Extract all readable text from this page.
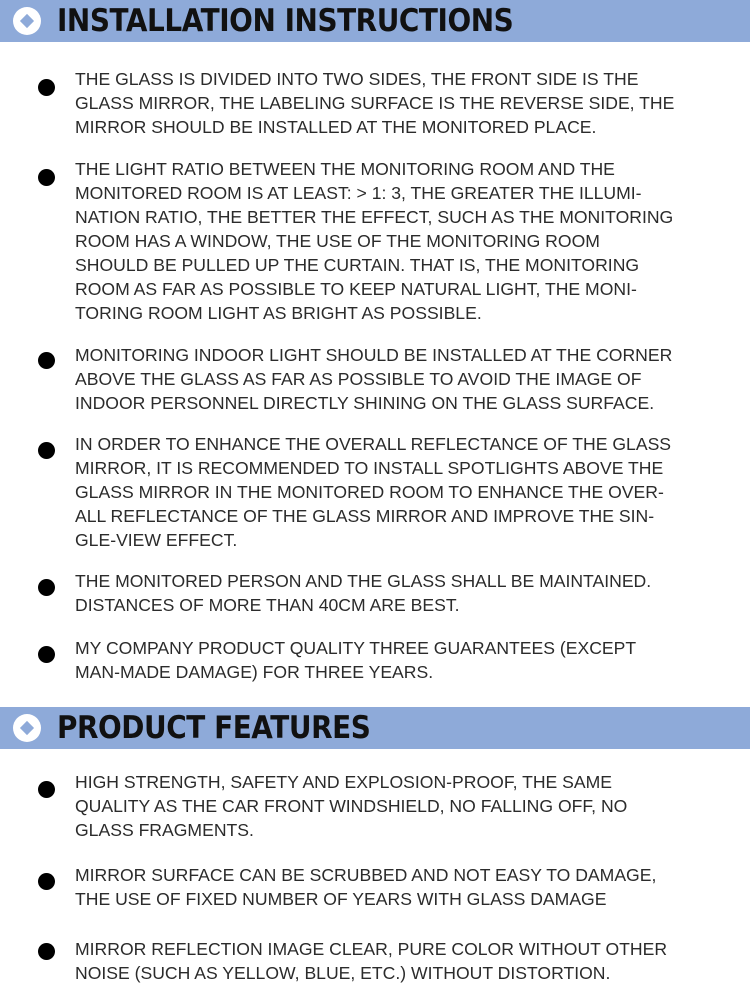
INSTALLATION INSTRUCTIONS
THE GLASS IS DIVIDED INTO TWO SIDES, THE FRONT SIDE IS THE
GLASS MIRROR, THE LABELING SURFACE IS THE REVERSE SIDE, THE
MIRROR SHOULD BE INSTALLED AT THE MONITORED PLACE.
THE LIGHT RATIO BETWEEN THE MONITORING ROOM AND THE
MONITORED ROOM IS AT LEAST: > 1: 3, THE GREATER THE ILLUMI-
NATION RATIO, THE BETTER THE EFFECT, SUCH AS THE MONITORING
ROOM HAS A WINDOW, THE USE OF THE MONITORING ROOM
SHOULD BE PULLED UP THE CURTAIN. THAT IS, THE MONITORING
ROOM AS FAR AS POSSIBLE TO KEEP NATURAL LIGHT, THE MONI-
TORING ROOM LIGHT AS BRIGHT AS POSSIBLE.
MONITORING INDOOR LIGHT SHOULD BE INSTALLED AT THE CORNER
ABOVE THE GLASS AS FAR AS POSSIBLE TO AVOID THE IMAGE OF
INDOOR PERSONNEL DIRECTLY SHINING ON THE GLASS SURFACE.
IN ORDER TO ENHANCE THE OVERALL REFLECTANCE OF THE GLASS
MIRROR, IT IS RECOMMENDED TO INSTALL SPOTLIGHTS ABOVE THE
GLASS MIRROR IN THE MONITORED ROOM TO ENHANCE THE OVER-
ALL REFLECTANCE OF THE GLASS MIRROR AND IMPROVE THE SIN-
GLE-VIEW EFFECT.
THE MONITORED PERSON AND THE GLASS SHALL BE MAINTAINED.
DISTANCES OF MORE THAN 40CM ARE BEST.
MY COMPANY PRODUCT QUALITY THREE GUARANTEES (EXCEPT
MAN-MADE DAMAGE) FOR THREE YEARS.
PRODUCT FEATURES
HIGH STRENGTH, SAFETY AND EXPLOSION-PROOF, THE SAME
QUALITY AS THE CAR FRONT WINDSHIELD, NO FALLING OFF, NO
GLASS FRAGMENTS.
MIRROR SURFACE CAN BE SCRUBBED AND NOT EASY TO DAMAGE,
THE USE OF FIXED NUMBER OF YEARS WITH GLASS DAMAGE
MIRROR REFLECTION IMAGE CLEAR, PURE COLOR WITHOUT OTHER
NOISE (SUCH AS YELLOW, BLUE, ETC.) WITHOUT DISTORTION.
